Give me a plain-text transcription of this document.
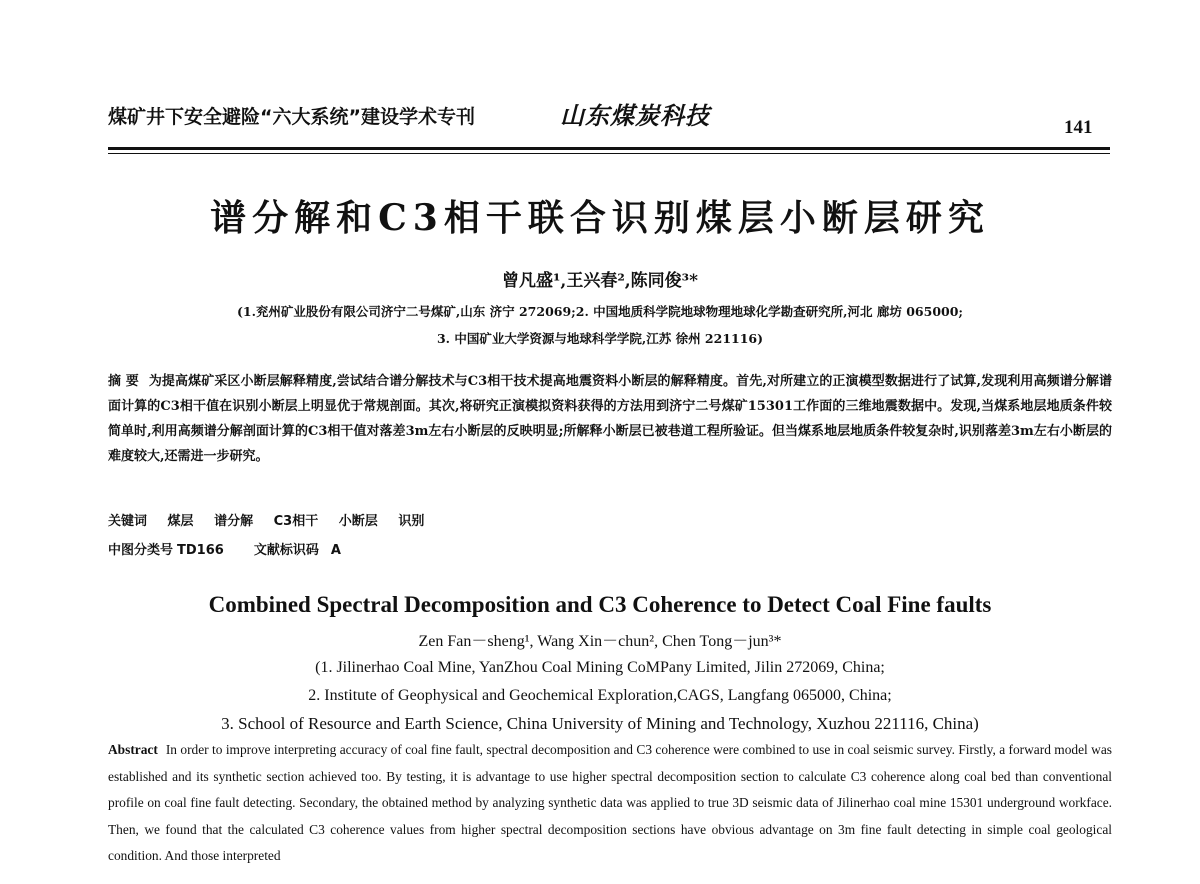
煤矿井下安全避险“六大系统”建设学术专刊	山东煤炭科技	141
谱分解和C3相干联合识别煤层小断层研究
曾凡盛¹,王兴春²,陈同俊³*
(1.兖州矿业股份有限公司济宁二号煤矿,山东 济宁 272069;2. 中国地质科学院地球物理地球化学勘查研究所,河北 廊坊 065000;
3. 中国矿业大学资源与地球科学学院,江苏 徐州 221116)
摘 要 为提高煤矿采区小断层解释精度,尝试结合谱分解技术与C3相干技术提高地震资料小断层的解释精度。首先,对所建立的正演模型数据进行了试算,发现利用高频谱分解谱面计算的C3相干值在识别小断层上明显优于常规剖面。其次,将研究正演模拟资料获得的方法用到济宁二号煤矿15301工作面的三维地震数据中。发现,当煤系地层地质条件较简单时,利用高频谱分解剖面计算的C3相干值对落差3m左右小断层的反映明显;所解释小断层已被巷道工程所验证。但当煤系地层地质条件较复杂时,识别落差3m左右小断层的难度较大,还需进一步研究。
关键词 煤层 谱分解 C3相干 小断层 识别
中图分类号 TD166 文献标识码 A
Combined Spectral Decomposition and C3 Coherence to Detect Coal Fine faults
Zen Fan－sheng¹, Wang Xin－chun², Chen Tong－jun³*
(1. Jilinerhao Coal Mine, YanZhou Coal Mining CoMPany Limited, Jilin 272069, China;
2. Institute of Geophysical and Geochemical Exploration,CAGS, Langfang 065000, China;
3. School of Resource and Earth Science, China University of Mining and Technology, Xuzhou 221116, China)
Abstract In order to improve interpreting accuracy of coal fine fault, spectral decomposition and C3 coherence were combined to use in coal seismic survey. Firstly, a forward model was established and its synthetic section achieved too. By testing, it is advantage to use higher spectral decomposition section to calculate C3 coherence along coal bed than conventional profile on coal fine fault detecting. Secondary, the obtained method by analyzing synthetic data was applied to true 3D seismic data of Jilinerhao coal mine 15301 underground workface. Then, we found that the calculated C3 coherence values from higher spectral decomposition sections have obvious advantage on 3m fine fault detecting in simple coal geological condition. And those interpreted
